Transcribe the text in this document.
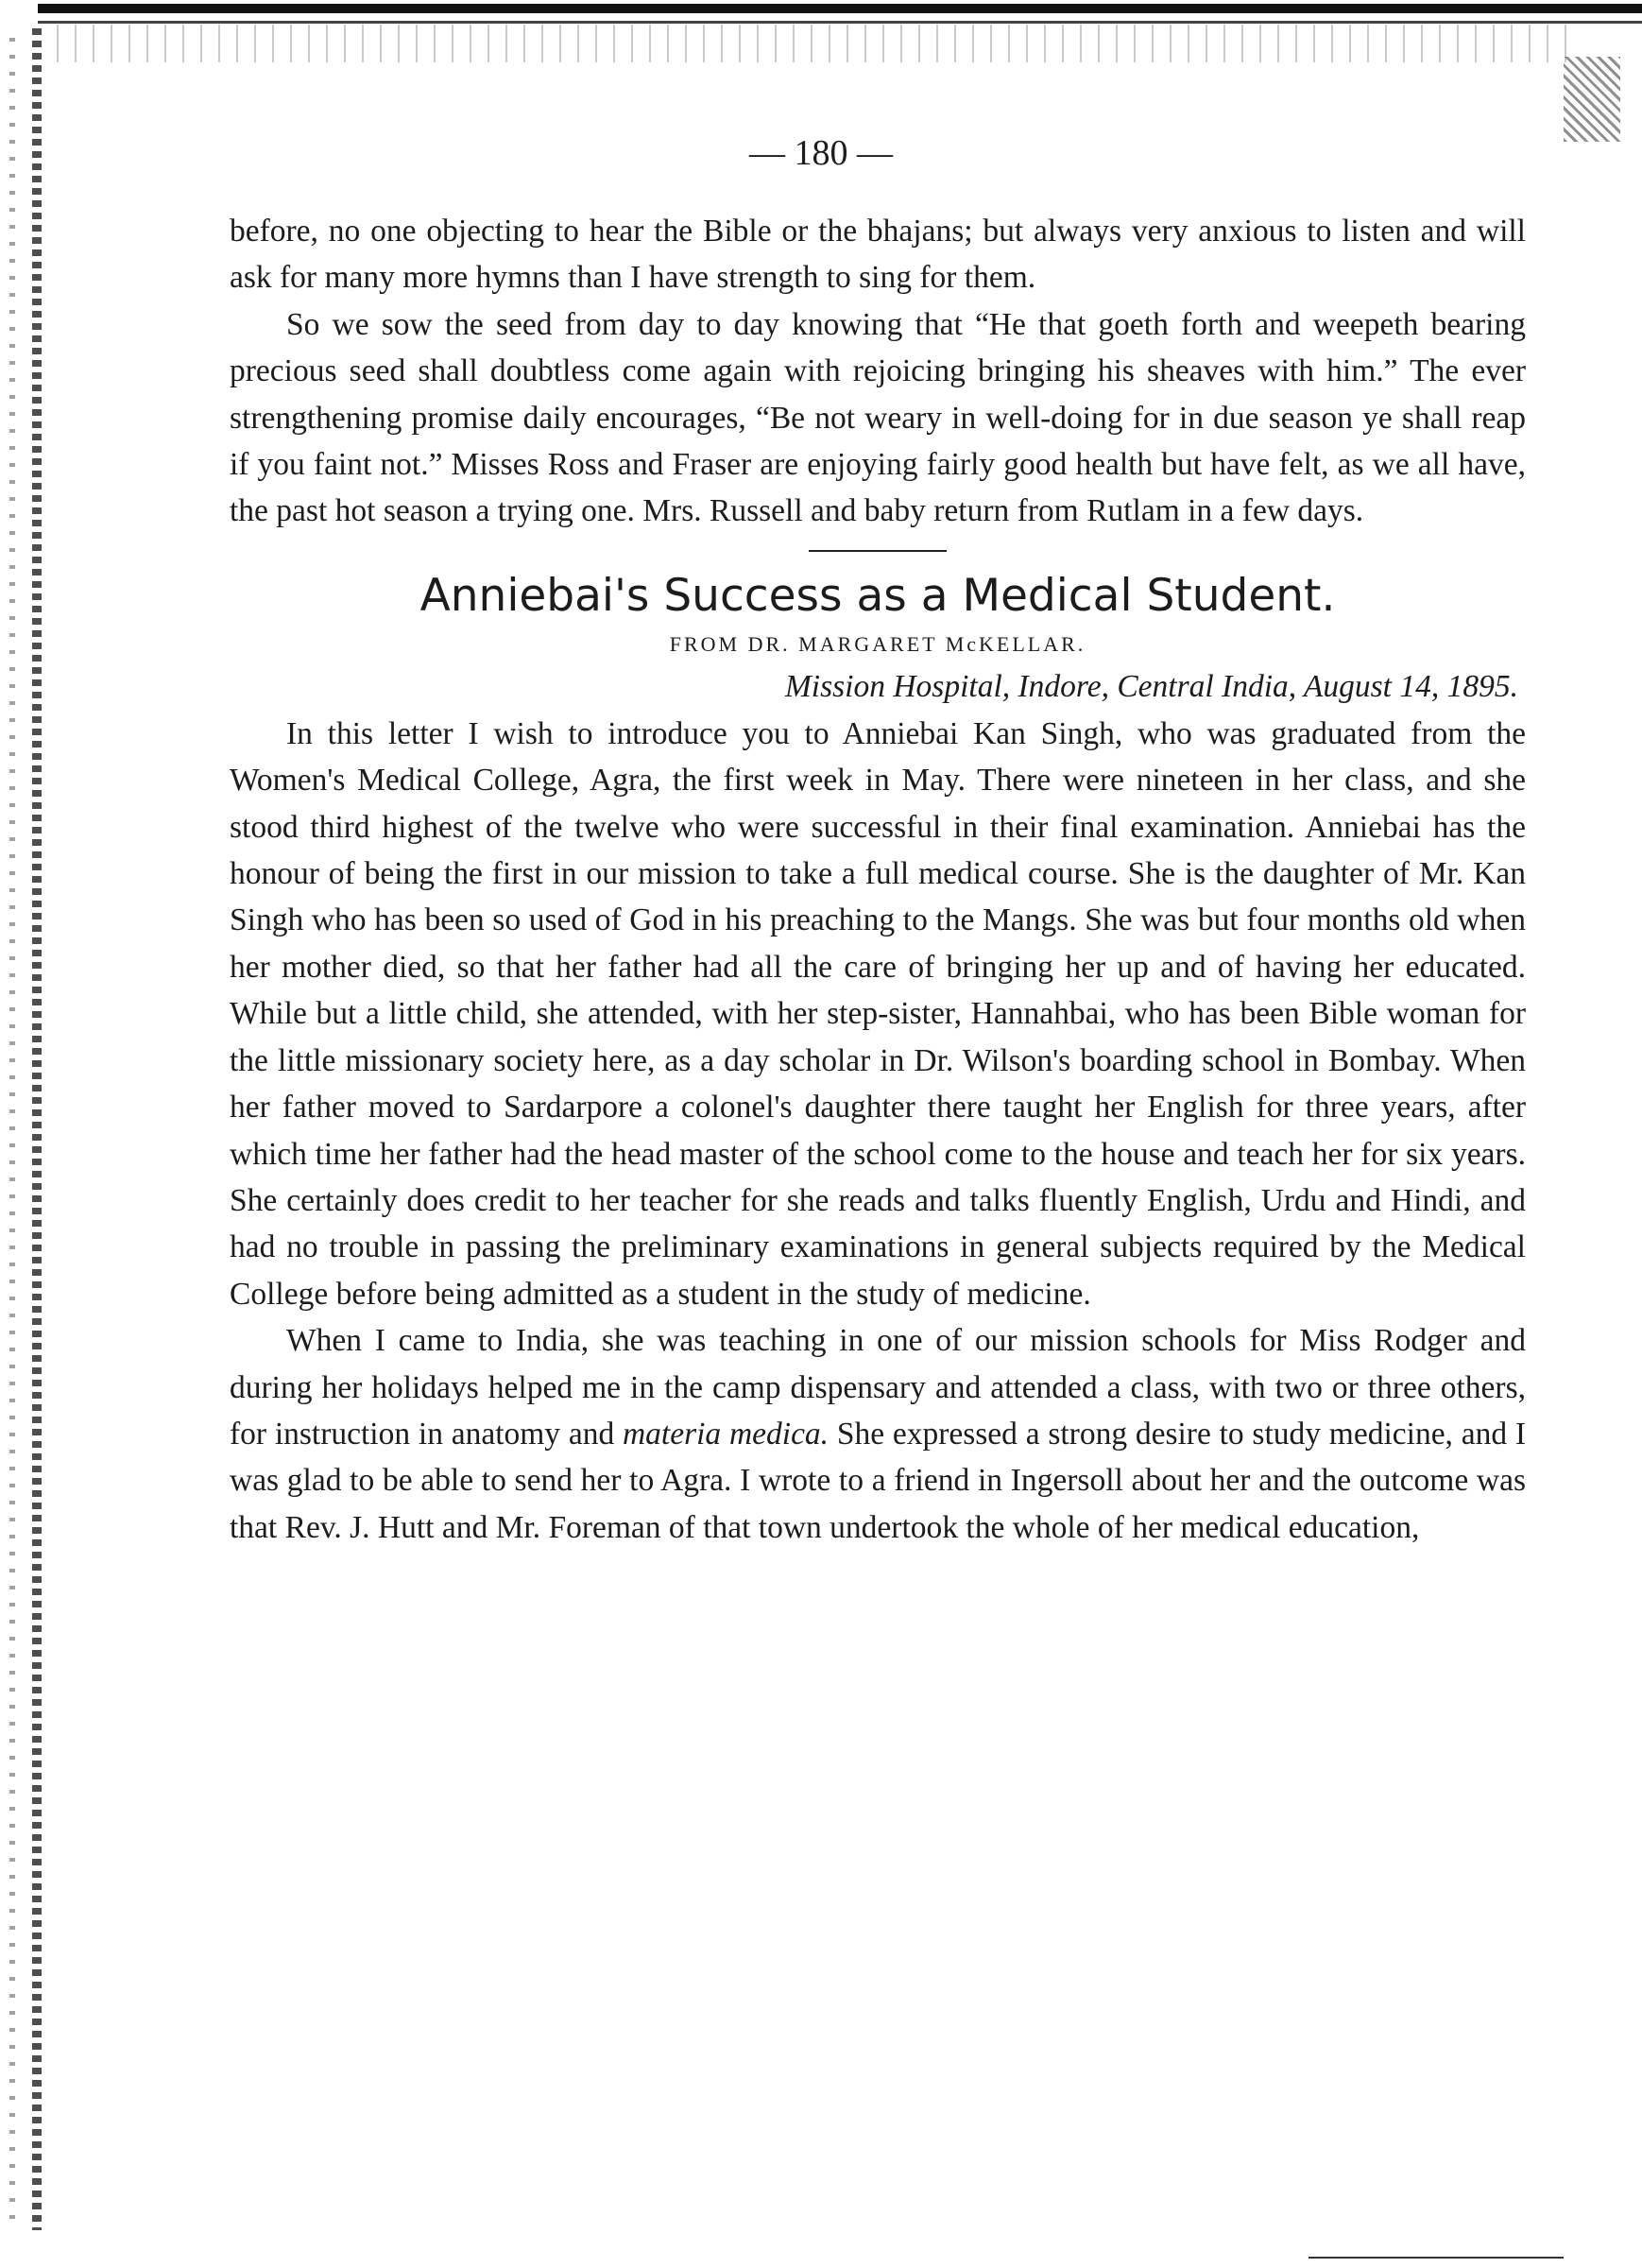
— 180 —

before, no one objecting to hear the Bible or the bhajans; but always very anxious to listen and will ask for many more hymns than I have strength to sing for them.

So we sow the seed from day to day knowing that “He that goeth forth and weepeth bearing precious seed shall doubtless come again with rejoicing bringing his sheaves with him.” The ever strengthening promise daily encourages, “Be not weary in well-doing for in due season ye shall reap if you faint not.” Misses Ross and Fraser are enjoying fairly good health but have felt, as we all have, the past hot season a trying one. Mrs. Russell and baby return from Rutlam in a few days.

Anniebai's Success as a Medical Student.

FROM DR. MARGARET McKELLAR.

Mission Hospital, Indore, Central India, August 14, 1895.

In this letter I wish to introduce you to Anniebai Kan Singh, who was graduated from the Women's Medical College, Agra, the first week in May. There were nineteen in her class, and she stood third highest of the twelve who were successful in their final examination. Anniebai has the honour of being the first in our mission to take a full medical course. She is the daughter of Mr. Kan Singh who has been so used of God in his preaching to the Mangs. She was but four months old when her mother died, so that her father had all the care of bringing her up and of having her educated. While but a little child, she attended, with her step-sister, Hannahbai, who has been Bible woman for the little missionary society here, as a day scholar in Dr. Wilson's boarding school in Bombay. When her father moved to Sardarpore a colonel's daughter there taught her English for three years, after which time her father had the head master of the school come to the house and teach her for six years. She certainly does credit to her teacher for she reads and talks fluently English, Urdu and Hindi, and had no trouble in passing the preliminary examinations in general subjects required by the Medical College before being admitted as a student in the study of medicine.

When I came to India, she was teaching in one of our mission schools for Miss Rodger and during her holidays helped me in the camp dispensary and attended a class, with two or three others, for instruction in anatomy and materia medica. She expressed a strong desire to study medicine, and I was glad to be able to send her to Agra. I wrote to a friend in Ingersoll about her and the outcome was that Rev. J. Hutt and Mr. Foreman of that town undertook the whole of her medical education,
